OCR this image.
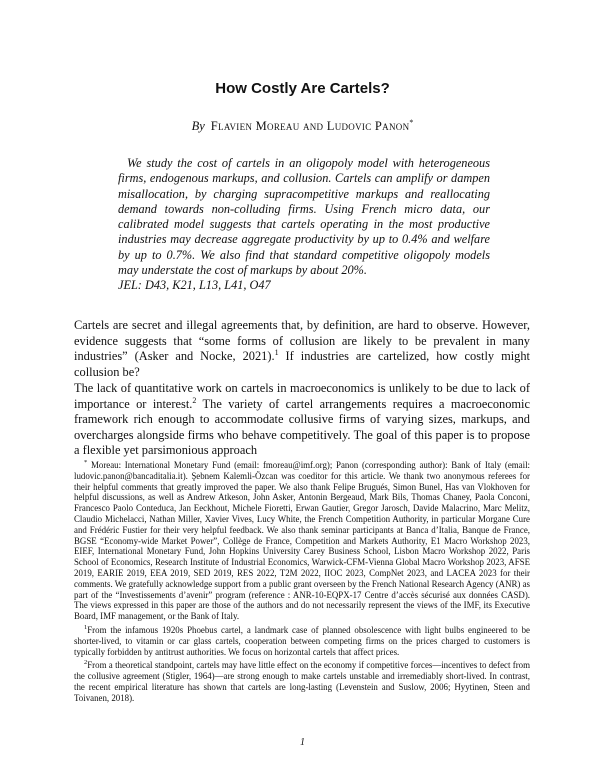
How Costly Are Cartels?
By Flavien Moreau and Ludovic Panon*
We study the cost of cartels in an oligopoly model with heterogeneous firms, endogenous markups, and collusion. Cartels can amplify or dampen misallocation, by charging supracompetitive markups and reallocating demand towards non-colluding firms. Using French micro data, our calibrated model suggests that cartels operating in the most productive industries may decrease aggregate productivity by up to 0.4% and welfare by up to 0.7%. We also find that standard competitive oligopoly models may understate the cost of markups by about 20%.
JEL: D43, K21, L13, L41, O47

Cartels are secret and illegal agreements that, by definition, are hard to observe. However, evidence suggests that “some forms of collusion are likely to be prevalent in many industries” (Asker and Nocke, 2021).$^1$ If industries are cartelized, how costly might collusion be?

The lack of quantitative work on cartels in macroeconomics is unlikely to be due to lack of importance or interest.$^2$ The variety of cartel arrangements requires a macroeconomic framework rich enough to accommodate collusive firms of varying sizes, markups, and overcharges alongside firms who behave competitively. The goal of this paper is to propose a flexible yet parsimonious approach

* Moreau: International Monetary Fund (email: fmoreau@imf.org); Panon (corresponding author): Bank of Italy (email: ludovic.panon@bancaditalia.it). Şebnem Kalemli-Özcan was coeditor for this article. We thank two anonymous referees for their helpful comments that greatly improved the paper. We also thank Felipe Brugués, Simon Bunel, Has van Vlokhoven for helpful discussions, as well as Andrew Atkeson, John Asker, Antonin Bergeaud, Mark Bils, Thomas Chaney, Paola Conconi, Francesco Paolo Conteduca, Jan Eeckhout, Michele Fioretti, Erwan Gautier, Gregor Jarosch, Davide Malacrino, Marc Melitz, Claudio Michelacci, Nathan Miller, Xavier Vives, Lucy White, the French Competition Authority, in particular Morgane Cure and Frédéric Fustier for their very helpful feedback. We also thank seminar participants at Banca d’Italia, Banque de France, BGSE “Economy-wide Market Power”, Collège de France, Competition and Markets Authority, E1 Macro Workshop 2023, EIEF, International Monetary Fund, John Hopkins University Carey Business School, Lisbon Macro Workshop 2022, Paris School of Economics, Research Institute of Industrial Economics, Warwick-CFM-Vienna Global Macro Workshop 2023, AFSE 2019, EARIE 2019, EEA 2019, SED 2019, RES 2022, T2M 2022, IIOC 2023, CompNet 2023, and LACEA 2023 for their comments. We gratefully acknowledge support from a public grant overseen by the French National Research Agency (ANR) as part of the “Investissements d’avenir” program (reference : ANR-10-EQPX-17 Centre d’accès sécurisé aux données CASD). The views expressed in this paper are those of the authors and do not necessarily represent the views of the IMF, its Executive Board, IMF management, or the Bank of Italy.

$^1$From the infamous 1920s Phoebus cartel, a landmark case of planned obsolescence with light bulbs engineered to be shorter-lived, to vitamin or car glass cartels, cooperation between competing firms on the prices charged to customers is typically forbidden by antitrust authorities. We focus on horizontal cartels that affect prices.

$^2$From a theoretical standpoint, cartels may have little effect on the economy if competitive forces—incentives to defect from the collusive agreement (Stigler, 1964)—are strong enough to make cartels unstable and irremediably short-lived. In contrast, the recent empirical literature has shown that cartels are long-lasting (Levenstein and Suslow, 2006; Hyytinen, Steen and Toivanen, 2018).

1
